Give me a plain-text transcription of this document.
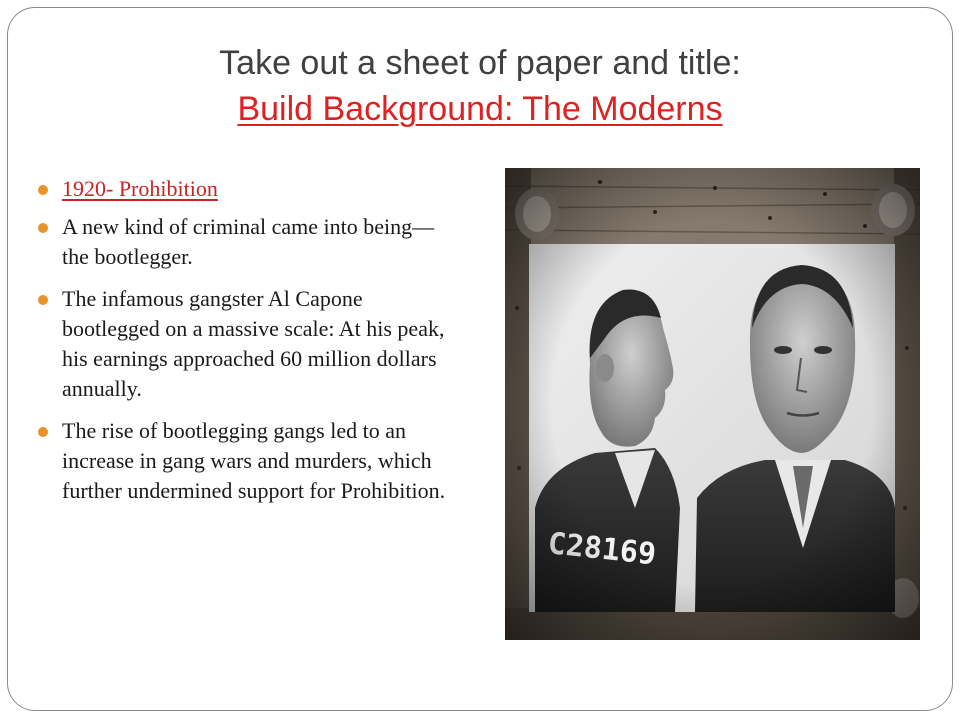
Take out a sheet of paper and title:
Build Background: The Moderns
1920- Prohibition
A new kind of criminal came into being—the bootlegger.
The infamous gangster Al Capone bootlegged on a massive scale: At his peak, his earnings approached 60 million dollars annually.
The rise of bootlegging gangs led to an increase in gang wars and murders, which further undermined support for Prohibition.
